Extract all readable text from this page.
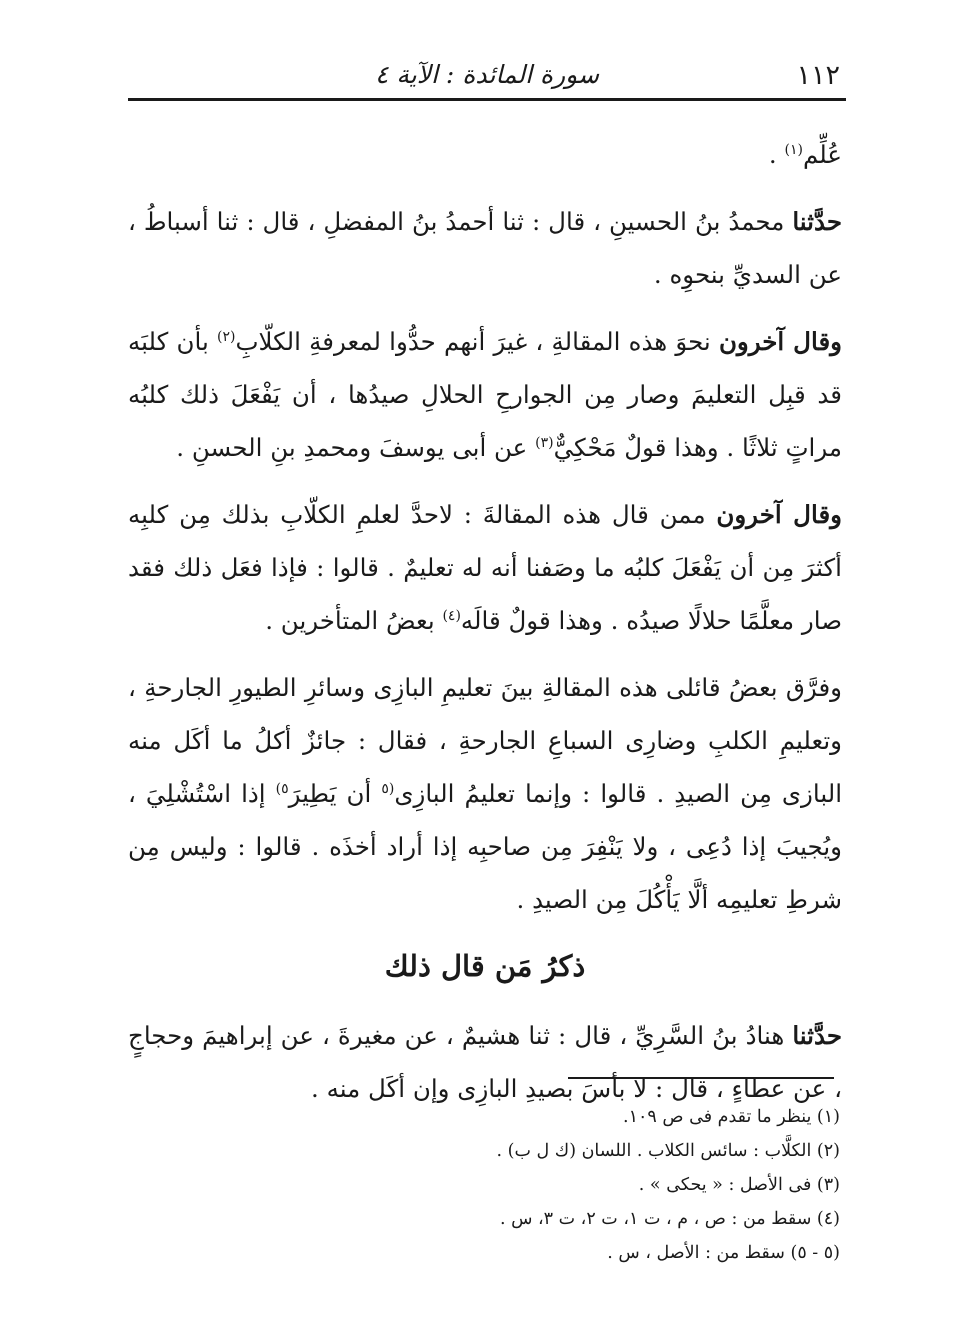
١١٢
سورة المائدة : الآية ٤

عُلِّم$^{(١)}$ .

حدَّثنا محمدُ بنُ الحسينِ ، قال : ثنا أحمدُ بنُ المفضلِ ، قال : ثنا أسباطُ ، عن السديِّ بنحوِه .

وقال آخرون نحوَ هذه المقالةِ ، غيرَ أنهم حدُّوا لمعرفةِ الكلّابِ$^{(٢)}$ بأن كلبَه قد قبِل التعليمَ وصار مِن الجوارحِ الحلالِ صيدُها ، أن يَفْعَلَ ذلك كلبُه مراتٍ ثلاثًا . وهذا قولٌ مَحْكِيٌّ$^{(٣)}$ عن أبى يوسفَ ومحمدِ بنِ الحسنِ .

وقال آخرون ممن قال هذه المقالةَ : لاحدَّ لعلمِ الكلّابِ بذلك مِن كلبِه أكثرَ مِن أن يَفْعَلَ كلبُه ما وصَفنا أنه له تعليمٌ . قالوا : فإذا فعَل ذلك فقد صار معلَّمًا حلالًا صيدُه . وهذا قولٌ قالَه$^{(٤)}$ بعضُ المتأخرين .

وفرَّق بعضُ قائلى هذه المقالةِ بينَ تعليمِ البازِى وسائرِ الطيورِ الجارحةِ ، وتعليمِ الكلبِ وضارِى السباعِ الجارحةِ ، فقال : جائزٌ أكلُ ما أكَل منه البازى مِن الصيدِ . قالوا : وإنما تعليمُ البازِى$^{(٥}$ أن يَطِيرَ$^{٥)}$ إذا اسْتُشْلِيَ ، ويُجيبَ إذا دُعِى ، ولا يَنْفِرَ مِن صاحبِه إذا أراد أخذَه . قالوا : وليس مِن شرطِ تعليمِه ألَّا يَأْكُلَ مِن الصيدِ .

ذكرُ مَن قال ذلك

حدَّثنا هنادُ بنُ السَّرِيِّ ، قال : ثنا هشيمٌ ، عن مغيرةَ ، عن إبراهيمَ وحجاجٍ ، عن عطاءٍ ، قال : لا بأسَ بصيدِ البازِى وإن أكَل منه .

(١) ينظر ما تقدم فى ص ١٠٩.

(٢) الكلَّاب : سائس الكلاب . اللسان (ك ل ب) .

(٣) فى الأصل : « يحكى » .

(٤) سقط من : ص ، م ، ت ١، ت ٢، ت ٣، س .

(٥ - ٥) سقط من : الأصل ، س .
